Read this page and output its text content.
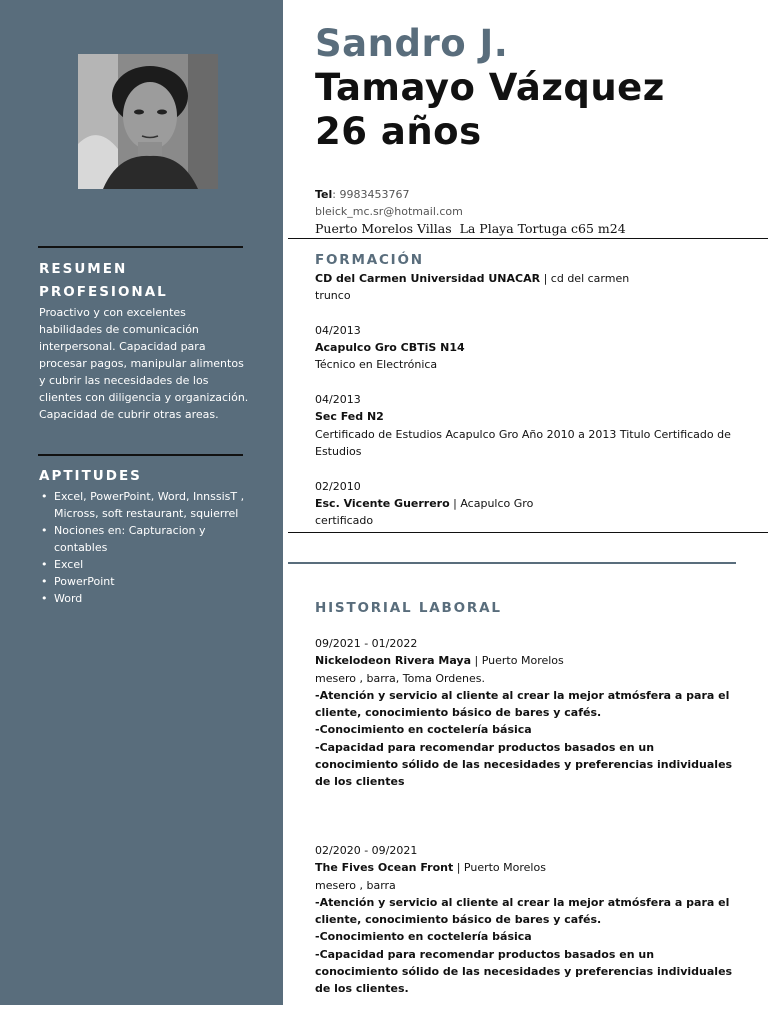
RESUMEN
PROFESIONAL
Proactivo y con excelentes habilidades de comunicación interpersonal. Capacidad para procesar pagos, manipular alimentos y cubrir las necesidades de los clientes con diligencia y organización. Capacidad de cubrir otras areas.
APTITUDES
• Excel, PowerPoint, Word, InnssisT , Micross, soft restaurant, squierrel
• Nociones en: Capturacion y contables
• Excel
• PowerPoint
• Word
Sandro J.
Tamayo Vázquez
26 años
Tel: 9983453767
bleick_mc.sr@hotmail.com
Puerto Morelos Villas  La Playa Tortuga c65 m24
FORMACIÓN
CD del Carmen Universidad UNACAR | cd del carmen
trunco
04/2013
Acapulco Gro CBTiS N14
Técnico en Electrónica
04/2013
Sec Fed N2
Certificado de Estudios Acapulco Gro Año 2010 a 2013 Titulo Certificado de Estudios
02/2010
Esc. Vicente Guerrero | Acapulco Gro
certificado
HISTORIAL LABORAL
09/2021 - 01/2022
Nickelodeon Rivera Maya | Puerto Morelos
mesero , barra, Toma Ordenes.
-Atención y servicio al cliente al crear la mejor atmósfera a para el cliente, conocimiento básico de bares y cafés.
-Conocimiento en coctelería básica
-Capacidad para recomendar productos basados en un conocimiento sólido de las necesidades y preferencias individuales de los clientes
02/2020 - 09/2021
The Fives Ocean Front | Puerto Morelos
mesero , barra
-Atención y servicio al cliente al crear la mejor atmósfera a para el cliente, conocimiento básico de bares y cafés.
-Conocimiento en coctelería básica
-Capacidad para recomendar productos basados en un conocimiento sólido de las necesidades y preferencias individuales de los clientes.
